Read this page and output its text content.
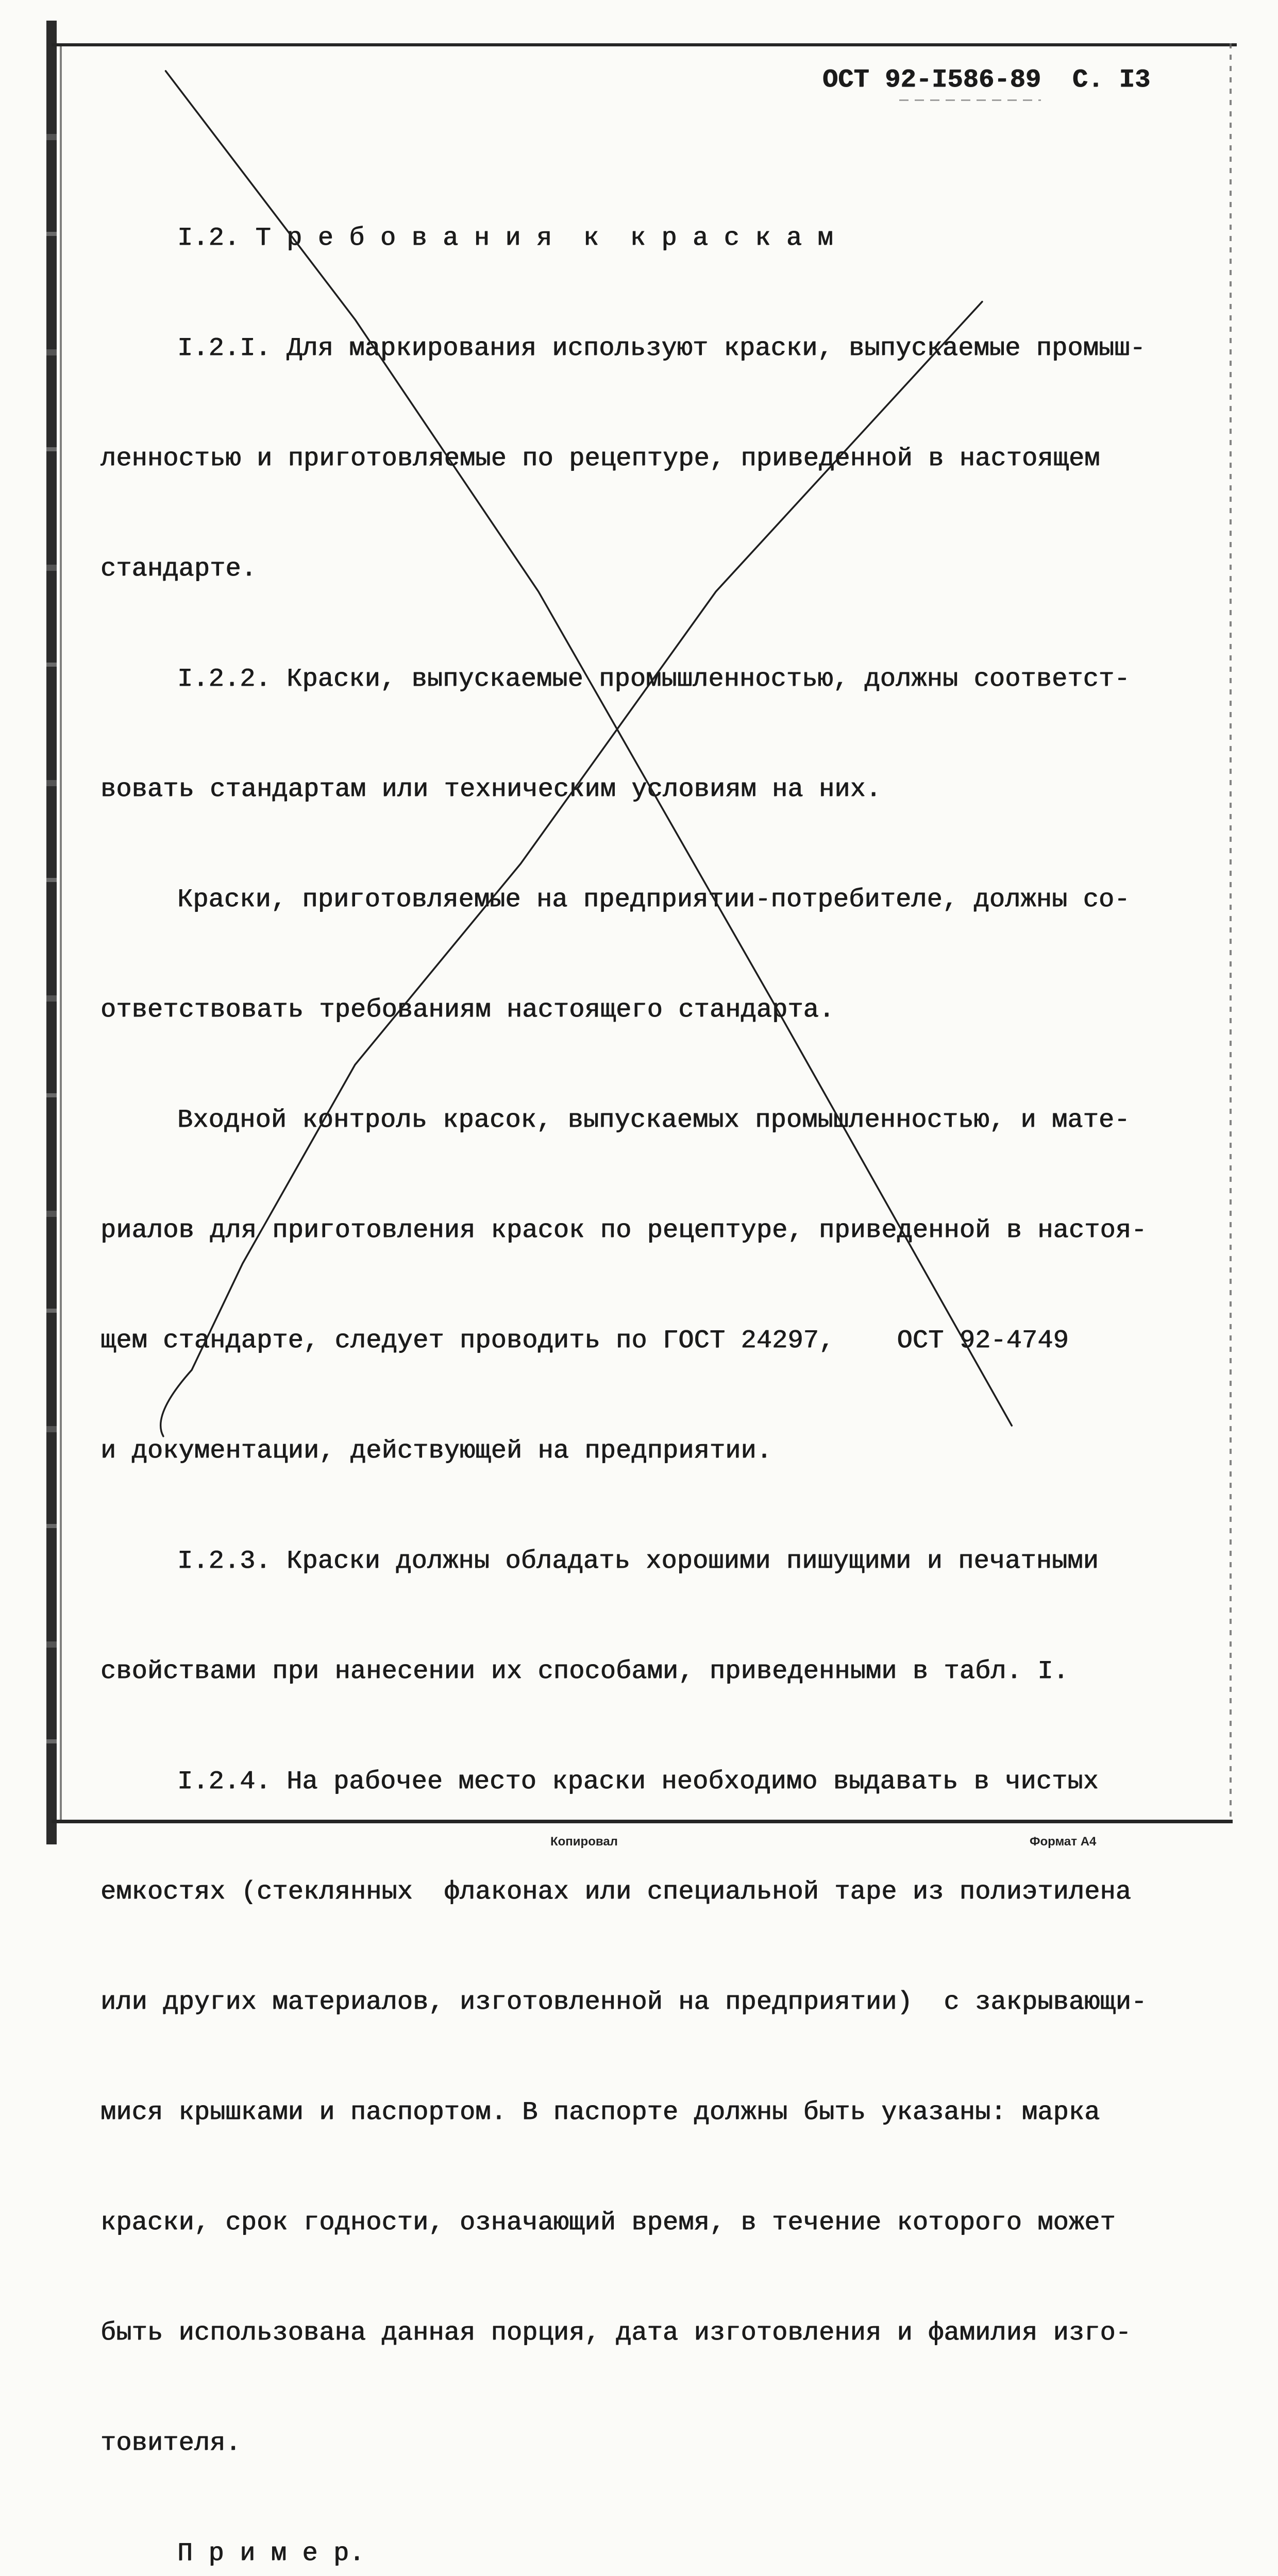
ОСТ 92-І586-89 С. І3

І.2. Т р е б о в а н и я  к  к р а с к а м

І.2.І. Для маркирования используют краски, выпускаемые промыш-

ленностью и приготовляемые по рецептуре, приведенной в настоящем

стандарте.

І.2.2. Краски, выпускаемые промышленностью, должны соответст-

вовать стандартам или техническим условиям на них.

Краски, приготовляемые на предприятии-потребителе, должны со-

ответствовать требованиям настоящего стандарта.

Входной контроль красок, выпускаемых промышленностью, и мате-

риалов для приготовления красок по рецептуре, приведенной в настоя-

щем стандарте, следует проводить по ГОСТ 24297,    ОСТ 92-4749

и документации, действующей на предприятии.

І.2.3. Краски должны обладать хорошими пишущими и печатными

свойствами при нанесении их способами, приведенными в табл. І.

І.2.4. На рабочее место краски необходимо выдавать в чистых

емкостях (стеклянных  флаконах или специальной таре из полиэтилена

или других материалов, изготовленной на предприятии)  с закрывающи-

мися крышками и паспортом. В паспорте должны быть указаны: марка

краски, срок годности, означающий время, в течение которого может

быть использована данная порция, дата изготовления и фамилия изго-

товителя.

П р и м е р.

Копировал	Формат А4
